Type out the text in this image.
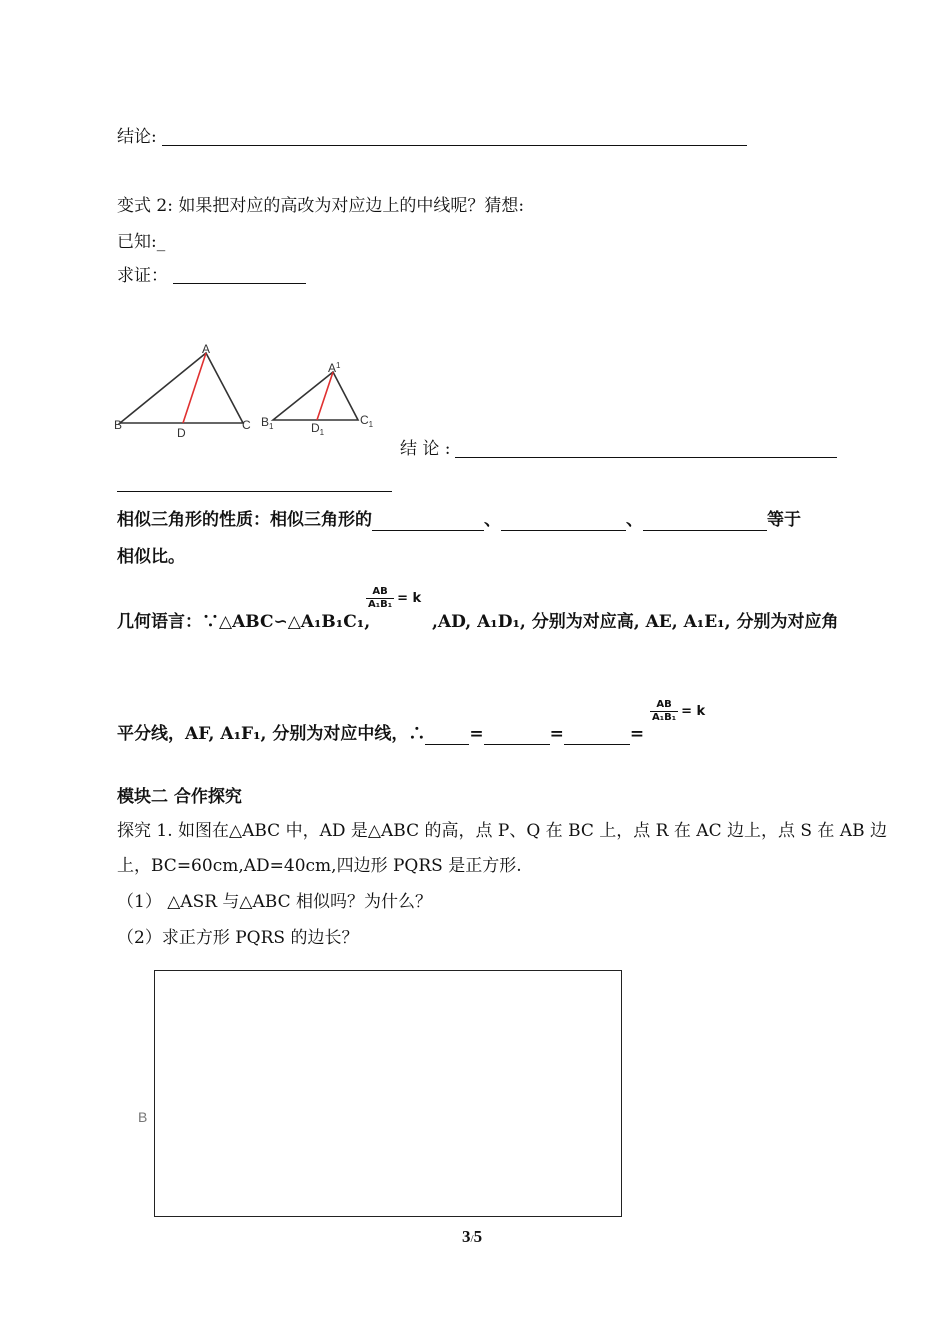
结论:
变式 2: 如果把对应的高改为对应边上的中线呢？猜想:
已知:_
求证：
A
B	C
D
$A^1$
$B_1$	$C_1$
$D_1$
结 论 :
相似三角形的性质：相似三角形的	、	、	等于
相似比。
几何语言：∵△ABC∽△A₁B₁C₁,
$\frac{AB}{\text{A₁B₁}} = k$
,AD, A₁D₁, 分别为对应高, AE, A₁E₁, 分别为对应角
平分线，AF, A₁F₁, 分别为对应中线，∴	=	=	=
$\frac{AB}{\text{A₁B₁}} = k$
模块二 合作探究
探究 1. 如图在△ABC 中，AD 是△ABC 的高，点 P、Q 在 BC 上，点 R 在 AC 边上，点 S 在 AB 边
上，BC=60cm,AD=40cm,四边形 PQRS 是正方形.
（1） △ASR 与△ABC 相似吗？为什么？
（2）求正方形 PQRS 的边长？
B
3/5
